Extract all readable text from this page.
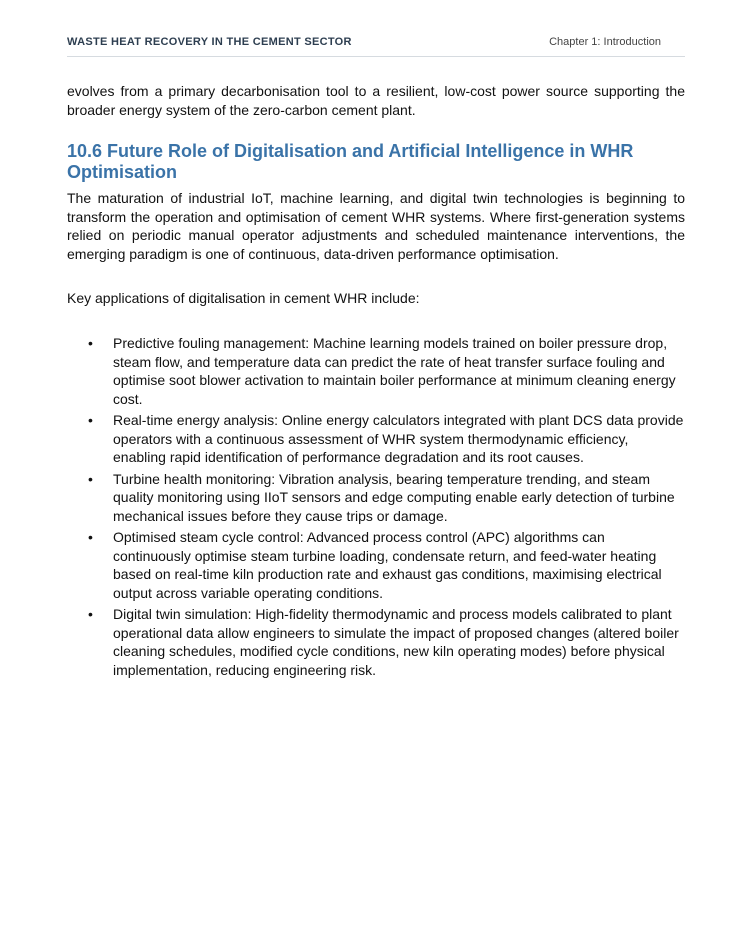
WASTE HEAT RECOVERY IN THE CEMENT SECTOR	Chapter 1: Introduction

evolves from a primary decarbonisation tool to a resilient, low-cost power source supporting the broader energy system of the zero-carbon cement plant.

10.6 Future Role of Digitalisation and Artificial Intelligence in WHR Optimisation

The maturation of industrial IoT, machine learning, and digital twin technologies is beginning to transform the operation and optimisation of cement WHR systems. Where first-generation systems relied on periodic manual operator adjustments and scheduled maintenance interventions, the emerging paradigm is one of continuous, data-driven performance optimisation.

Key applications of digitalisation in cement WHR include:

• Predictive fouling management: Machine learning models trained on boiler pressure drop, steam flow, and temperature data can predict the rate of heat transfer surface fouling and optimise soot blower activation to maintain boiler performance at minimum cleaning energy cost.
• Real-time energy analysis: Online energy calculators integrated with plant DCS data provide operators with a continuous assessment of WHR system thermodynamic efficiency, enabling rapid identification of performance degradation and its root causes.
• Turbine health monitoring: Vibration analysis, bearing temperature trending, and steam quality monitoring using IIoT sensors and edge computing enable early detection of turbine mechanical issues before they cause trips or damage.
• Optimised steam cycle control: Advanced process control (APC) algorithms can continuously optimise steam turbine loading, condensate return, and feed-water heating based on real-time kiln production rate and exhaust gas conditions, maximising electrical output across variable operating conditions.
• Digital twin simulation: High-fidelity thermodynamic and process models calibrated to plant operational data allow engineers to simulate the impact of proposed changes (altered boiler cleaning schedules, modified cycle conditions, new kiln operating modes) before physical implementation, reducing engineering risk.
